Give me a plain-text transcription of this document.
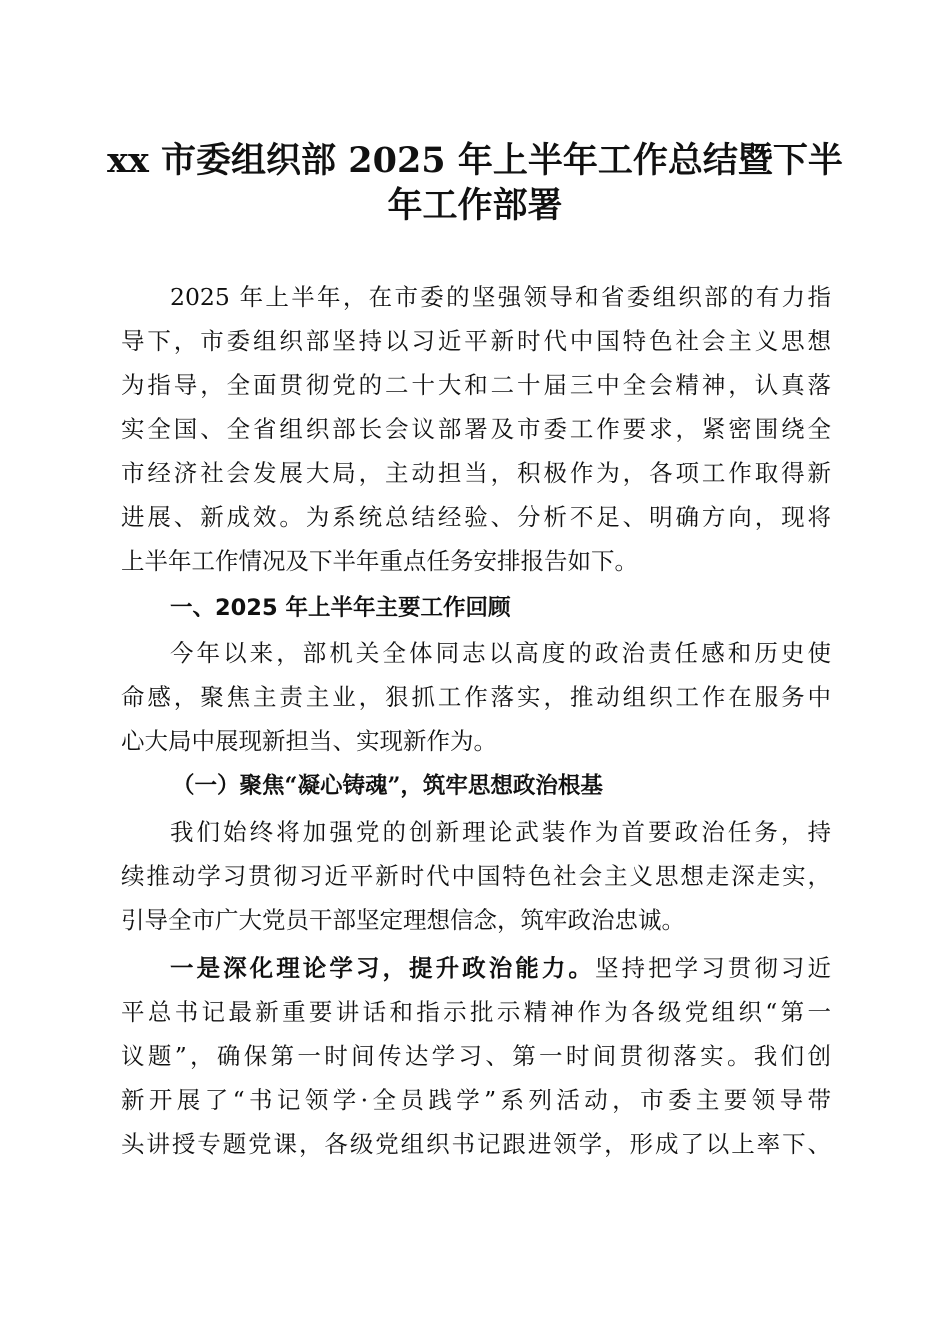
xx 市委组织部 2025 年上半年工作总结暨下半
年工作部署
2025 年上半年，在市委的坚强领导和省委组织部的有力指
导下，市委组织部坚持以习近平新时代中国特色社会主义思想
为指导，全面贯彻党的二十大和二十届三中全会精神，认真落
实全国、全省组织部长会议部署及市委工作要求，紧密围绕全
市经济社会发展大局，主动担当，积极作为，各项工作取得新
进展、新成效。为系统总结经验、分析不足、明确方向，现将
上半年工作情况及下半年重点任务安排报告如下。
一、2025 年上半年主要工作回顾
今年以来，部机关全体同志以高度的政治责任感和历史使
命感，聚焦主责主业，狠抓工作落实，推动组织工作在服务中
心大局中展现新担当、实现新作为。
（一）聚焦“凝心铸魂”，筑牢思想政治根基
我们始终将加强党的创新理论武装作为首要政治任务，持
续推动学习贯彻习近平新时代中国特色社会主义思想走深走实，
引导全市广大党员干部坚定理想信念，筑牢政治忠诚。
一是深化理论学习，提升政治能力。坚持把学习贯彻习近
平总书记最新重要讲话和指示批示精神作为各级党组织“第一
议题”，确保第一时间传达学习、第一时间贯彻落实。我们创
新开展了“书记领学·全员践学”系列活动，市委主要领导带
头讲授专题党课，各级党组织书记跟进领学，形成了以上率下、
